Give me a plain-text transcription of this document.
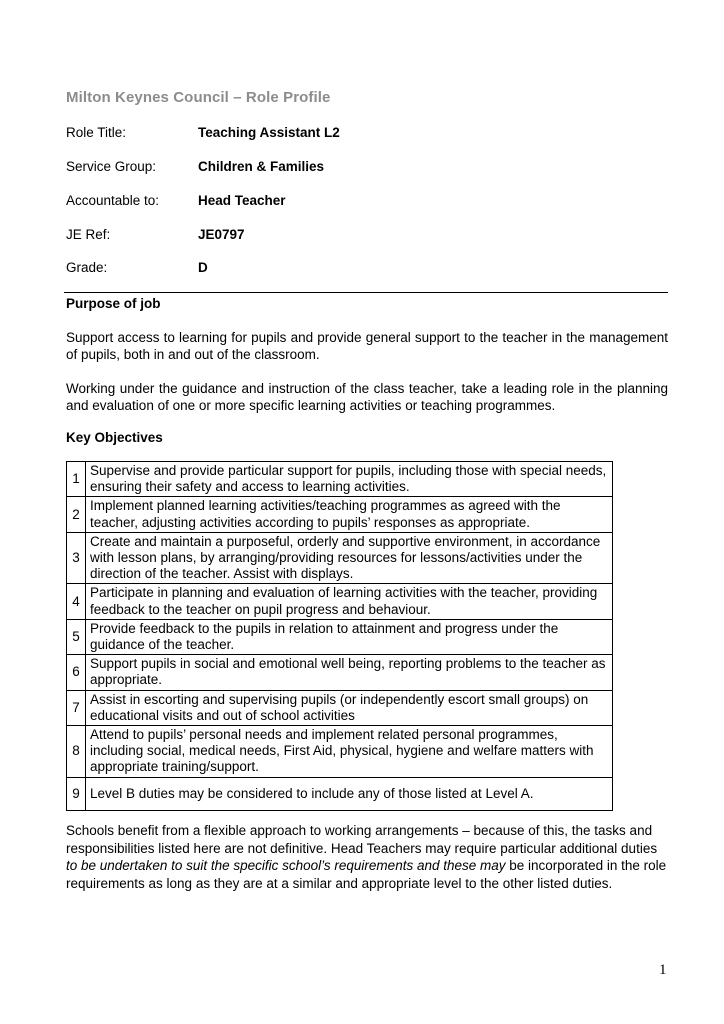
Milton Keynes Council – Role Profile
Role Title:	Teaching Assistant L2
Service Group:	Children & Families
Accountable to:	Head Teacher
JE Ref:	JE0797
Grade:	D
Purpose of job
Support access to learning for pupils and provide general support to the teacher in the management of pupils, both in and out of the classroom.
Working under the guidance and instruction of the class teacher, take a leading role in the planning and evaluation of one or more specific learning activities or teaching programmes.
Key Objectives
1	Supervise and provide particular support for pupils, including those with special needs, ensuring their safety and access to learning activities.
2	Implement planned learning activities/teaching programmes as agreed with the teacher, adjusting activities according to pupils’ responses as appropriate.
3	Create and maintain a purposeful, orderly and supportive environment, in accordance with lesson plans, by arranging/providing resources for lessons/activities under the direction of the teacher. Assist with displays.
4	Participate in planning and evaluation of learning activities with the teacher, providing feedback to the teacher on pupil progress and behaviour.
5	Provide feedback to the pupils in relation to attainment and progress under the guidance of the teacher.
6	Support pupils in social and emotional well being, reporting problems to the teacher as appropriate.
7	Assist in escorting and supervising pupils (or independently escort small groups) on educational visits and out of school activities
8	Attend to pupils’ personal needs and implement related personal programmes, including social, medical needs, First Aid, physical, hygiene and welfare matters with appropriate training/support.
9	Level B duties may be considered to include any of those listed at Level A.
Schools benefit from a flexible approach to working arrangements – because of this, the tasks and responsibilities listed here are not definitive. Head Teachers may require particular additional duties to be undertaken to suit the specific school’s requirements and these may be incorporated in the role requirements as long as they are at a similar and appropriate level to the other listed duties.
1
